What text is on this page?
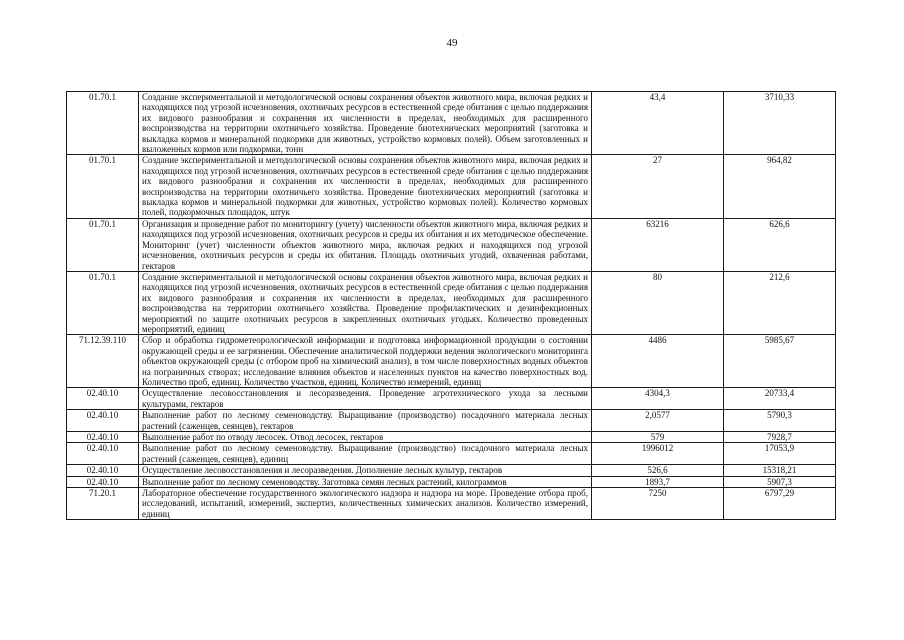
49
01.70.1	Создание экспериментальной и методологической основы сохранения объектов животного мира, включая редких и находящихся под угрозой исчезновения, охотничьих ресурсов в естественной среде обитания с целью поддержания их видового разнообразия и сохранения их численности в пределах, необходимых для расширенного воспроизводства на территории охотничьего хозяйства. Проведение биотехнических мероприятий (заготовка и выкладка кормов и минеральной подкормки для животных, устройство кормовых полей). Объем заготовленных и выложенных кормов или подкормки, тонн	43,4	3710,33
01.70.1	Создание экспериментальной и методологической основы сохранения объектов животного мира, включая редких и находящихся под угрозой исчезновения, охотничьих ресурсов в естественной среде обитания с целью поддержания их видового разнообразия и сохранения их численности в пределах, необходимых для расширенного воспроизводства на территории охотничьего хозяйства. Проведение биотехнических мероприятий (заготовка и выкладка кормов и минеральной подкормки для животных, устройство кормовых полей). Количество кормовых полей, подкормочных площадок, штук	27	964,82
01.70.1	Организация и проведение работ по мониторингу (учету) численности объектов животного мира, включая редких и находящихся под угрозой исчезновения, охотничьих ресурсов и среды их обитания и их методическое обеспечение. Мониторинг (учет) численности объектов животного мира, включая редких и находящихся под угрозой исчезновения, охотничьих ресурсов и среды их обитания. Площадь охотничьих угодий, охваченная работами, гектаров	63216	626,6
01.70.1	Создание экспериментальной и методологической основы сохранения объектов животного мира, включая редких и находящихся под угрозой исчезновения, охотничьих ресурсов в естественной среде обитания с целью поддержания их видового разнообразия и сохранения их численности в пределах, необходимых для расширенного воспроизводства на территории охотничьего хозяйства. Проведение профилактических и дезинфекционных мероприятий по защите охотничьих ресурсов в закрепленных охотничьих угодьях. Количество проведенных мероприятий, единиц	80	212,6
71.12.39.110	Сбор и обработка гидрометеорологической информации и подготовка информационной продукции о состоянии окружающей среды и ее загрязнении. Обеспечение аналитической поддержки ведения экологического мониторинга объектов окружающей среды (с отбором проб на химический анализ), в том числе поверхностных водных объектов на пограничных створах; исследование влияния объектов и населенных пунктов на качество поверхностных вод. Количество проб, единиц. Количество участков, единиц. Количество измерений, единиц	4486	5985,67
02.40.10	Осуществление лесовосстановления и лесоразведения. Проведение агротехнического ухода за лесными культурами, гектаров	4304,3	20733,4
02.40.10	Выполнение работ по лесному семеноводству. Выращивание (производство) посадочного материала лесных растений (саженцев, сеянцев), гектаров	2,0577	5790,3
02.40.10	Выполнение работ по отводу лесосек. Отвод лесосек, гектаров	579	7928,7
02.40.10	Выполнение работ по лесному семеноводству. Выращивание (производство) посадочного материала лесных растений (саженцев, сеянцев), единиц	1996012	17053,9
02.40.10	Осуществление лесовосстановления и лесоразведения. Дополнение лесных культур, гектаров	526,6	15318,21
02.40.10	Выполнение работ по лесному семеноводству. Заготовка семян лесных растений, килограммов	1893,7	5907,3
71.20.1	Лабораторное обеспечение государственного экологического надзора и надзора на море. Проведение отбора проб, исследований, испытаний, измерений, экспертиз, количественных химических анализов. Количество измерений, единиц	7250	6797,29
